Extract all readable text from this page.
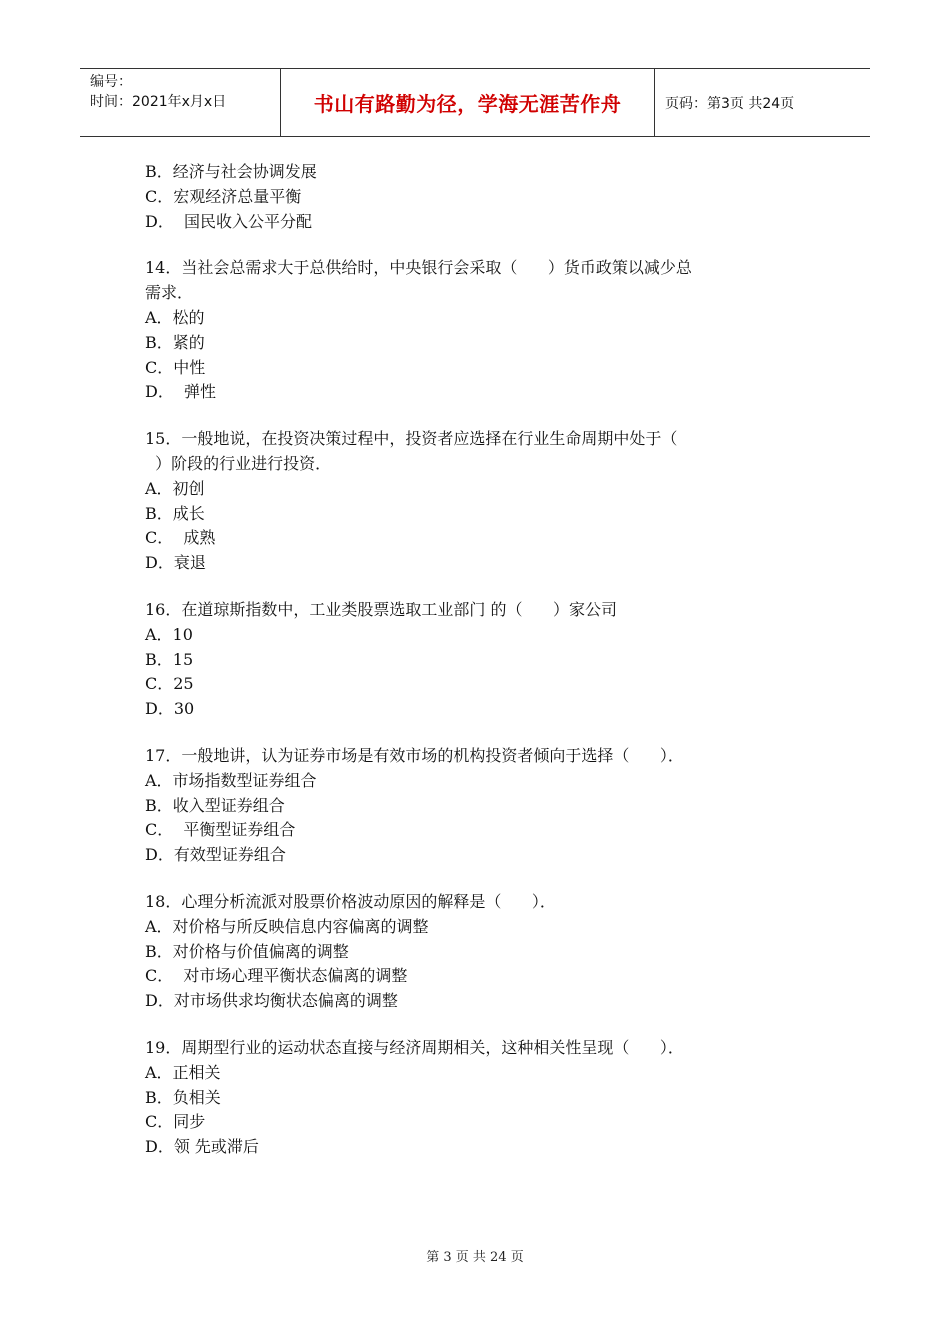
编号：
时间：2021年x月x日	书山有路勤为径，学海无涯苦作舟	页码：第3页 共24页
B．经济与社会协调发展
C．宏观经济总量平衡
D．  国民收入公平分配
14．当社会总需求大于总供给时，中央银行会采取（      ）货币政策以减少总
需求．
A．松的
B．紧的
C．中性
D．  弹性
15．一般地说，在投资决策过程中，投资者应选择在行业生命周期中处于（
）阶段的行业进行投资．
A．初创
B．成长
C．  成熟
D．衰退
16．在道琼斯指数中，工业类股票选取工业部门 的（      ）家公司
A．10
B．15
C．25
D．30
17．一般地讲，认为证券市场是有效市场的机构投资者倾向于选择（      ）．
A．市场指数型证券组合
B．收入型证券组合
C．  平衡型证券组合
D．有效型证券组合
18．心理分析流派对股票价格波动原因的解释是（      ）．
A．对价格与所反映信息内容偏离的调整
B．对价格与价值偏离的调整
C．  对市场心理平衡状态偏离的调整
D．对市场供求均衡状态偏离的调整
19．周期型行业的运动状态直接与经济周期相关，这种相关性呈现（      ）．
A．正相关
B．负相关
C．同步
D．领 先或滞后
第 3 页 共 24 页
